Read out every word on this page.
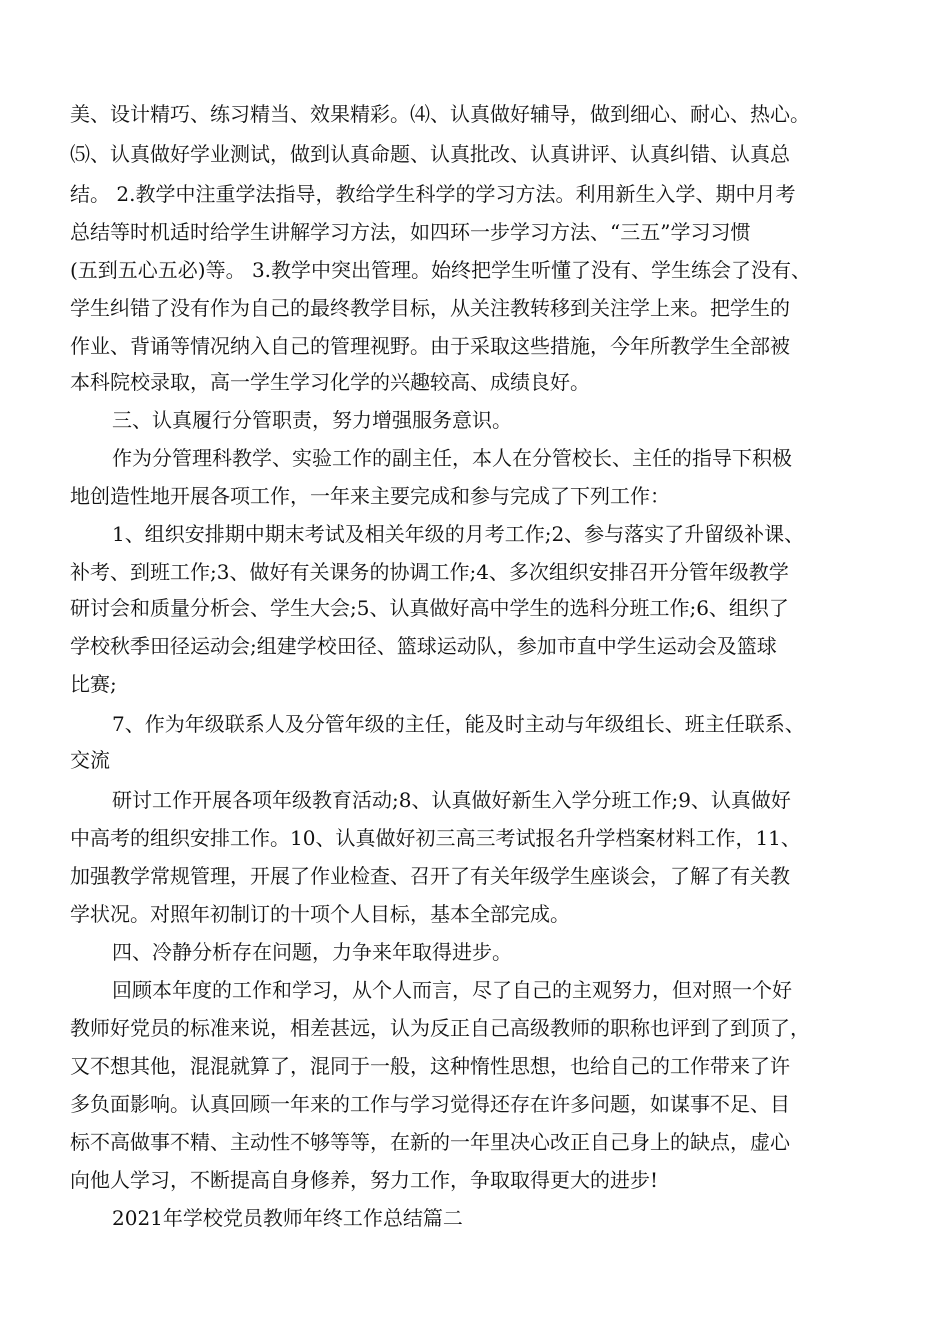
美、设计精巧、练习精当、效果精彩。⑷、认真做好辅导，做到细心、耐心、热心。
⑸、认真做好学业测试，做到认真命题、认真批改、认真讲评、认真纠错、认真总
结。 2.教学中注重学法指导，教给学生科学的学习方法。利用新生入学、期中月考
总结等时机适时给学生讲解学习方法，如四环一步学习方法、“三五”学习习惯
(五到五心五必)等。 3.教学中突出管理。始终把学生听懂了没有、学生练会了没有、
学生纠错了没有作为自己的最终教学目标，从关注教转移到关注学上来。把学生的
作业、背诵等情况纳入自己的管理视野。由于采取这些措施，今年所教学生全部被
本科院校录取，高一学生学习化学的兴趣较高、成绩良好。
三、认真履行分管职责，努力增强服务意识。
作为分管理科教学、实验工作的副主任，本人在分管校长、主任的指导下积极
地创造性地开展各项工作，一年来主要完成和参与完成了下列工作：
1、组织安排期中期末考试及相关年级的月考工作;2、参与落实了升留级补课、
补考、到班工作;3、做好有关课务的协调工作;4、多次组织安排召开分管年级教学
研讨会和质量分析会、学生大会;5、认真做好高中学生的选科分班工作;6、组织了
学校秋季田径运动会;组建学校田径、篮球运动队，参加市直中学生运动会及篮球
比赛;
7、作为年级联系人及分管年级的主任，能及时主动与年级组长、班主任联系、
交流
研讨工作开展各项年级教育活动;8、认真做好新生入学分班工作;9、认真做好
中高考的组织安排工作。10、认真做好初三高三考试报名升学档案材料工作，11、
加强教学常规管理，开展了作业检查、召开了有关年级学生座谈会，了解了有关教
学状况。对照年初制订的十项个人目标，基本全部完成。
四、冷静分析存在问题，力争来年取得进步。
回顾本年度的工作和学习，从个人而言，尽了自己的主观努力，但对照一个好
教师好党员的标准来说，相差甚远，认为反正自己高级教师的职称也评到了到顶了，
又不想其他，混混就算了，混同于一般，这种惰性思想，也给自己的工作带来了许
多负面影响。认真回顾一年来的工作与学习觉得还存在许多问题，如谋事不足、目
标不高做事不精、主动性不够等等，在新的一年里决心改正自己身上的缺点，虚心
向他人学习，不断提高自身修养，努力工作，争取取得更大的进步!
2021年学校党员教师年终工作总结篇二
